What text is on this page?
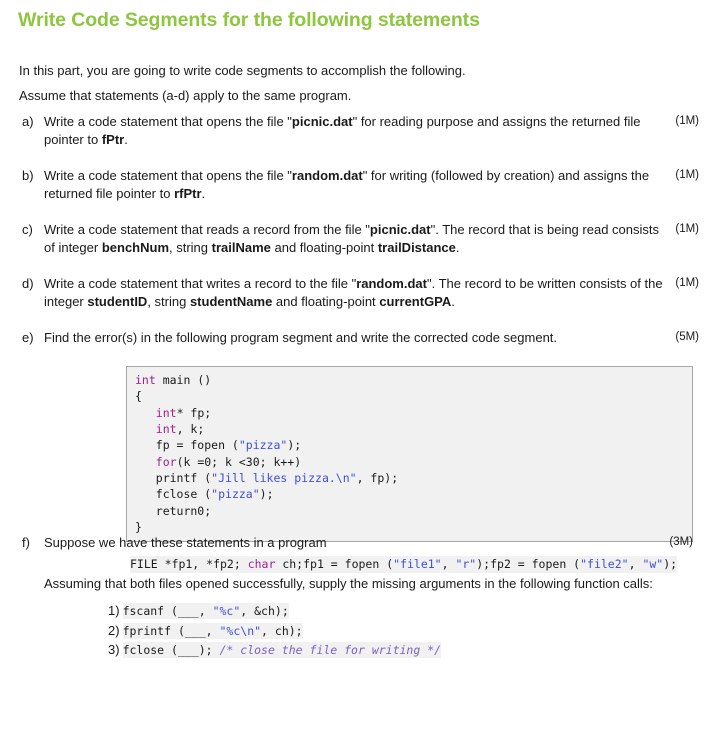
Write Code Segments for the following statements
In this part, you are going to write code segments to accomplish the following.
Assume that statements (a-d) apply to the same program.
a)	(1M)
Write a code statement that opens the file "picnic.dat" for reading purpose and assigns the returned file pointer to fPtr.
b)	(1M)
Write a code statement that opens the file "random.dat" for writing (followed by creation) and assigns the returned file pointer to rfPtr.
c)	(1M)
Write a code statement that reads a record from the file "picnic.dat". The record that is being read consists of integer benchNum, string trailName and floating-point trailDistance.
d)	(1M)
Write a code statement that writes a record to the file "random.dat". The record to be written consists of the integer studentID, string studentName and floating-point currentGPA.
e)	(5M)
Find the error(s) in the following program segment and write the corrected code segment.
int main ()
{
int* fp;
int, k;
fp = fopen ("pizza");
for(k =0; k <30; k++)
printf ("Jill likes pizza.\n", fp);
fclose ("pizza");
return0;
}
f)	(3M)
Suppose we have these statements in a program
FILE *fp1, *fp2; char ch;fp1 = fopen ("file1", "r");fp2 = fopen ("file2", "w");
Assuming that both files opened successfully, supply the missing arguments in the following function calls:
1) fscanf (___, "%c", &ch);
2) fprintf (___, "%c\n", ch);
3) fclose (___); /* close the file for writing */
